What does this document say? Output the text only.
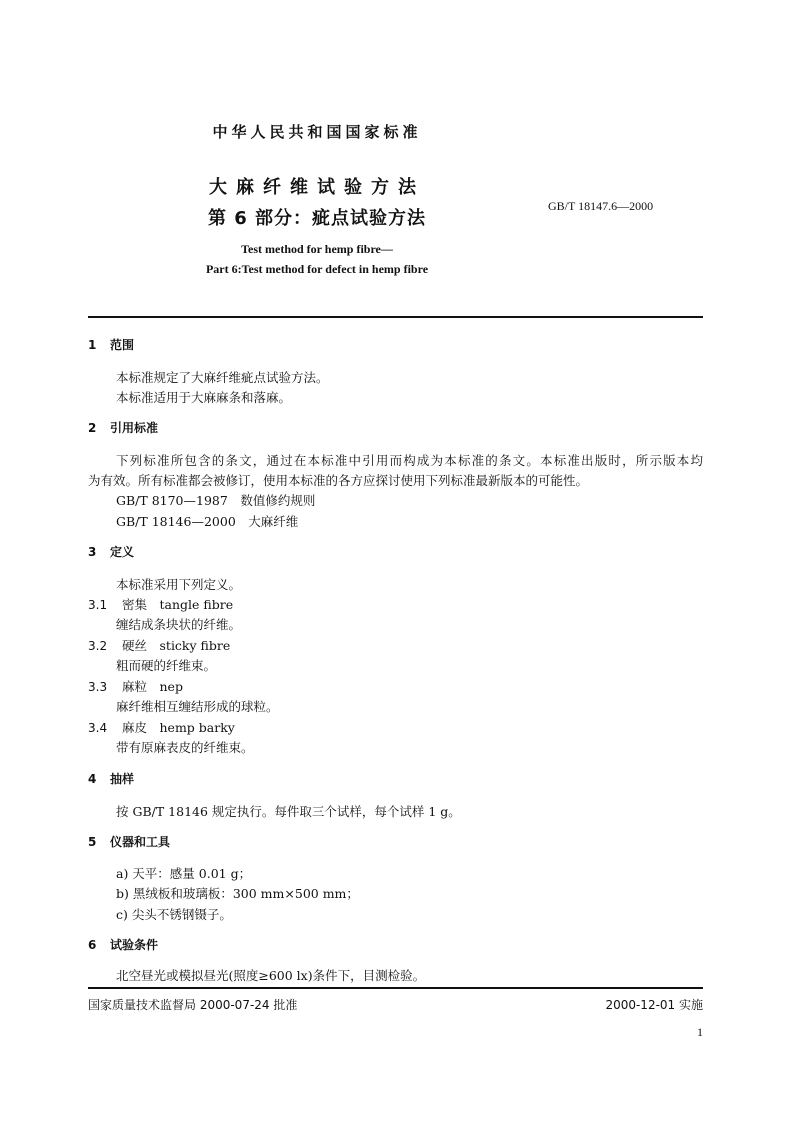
中华人民共和国国家标准
大麻纤维试验方法
第 6 部分：疵点试验方法
GB/T 18147.6—2000
Test method for hemp fibre—
Part 6:Test method for defect in hemp fibre
1 范围
本标准规定了大麻纤维疵点试验方法。
本标准适用于大麻麻条和落麻。
2 引用标准
下列标准所包含的条文，通过在本标准中引用而构成为本标准的条文。本标准出版时，所示版本均
为有效。所有标准都会被修订，使用本标准的各方应探讨使用下列标准最新版本的可能性。
GB/T 8170—1987　数值修约规则
GB/T 18146—2000　大麻纤维
3 定义
本标准采用下列定义。
3.1 密集　tangle fibre
缠结成条块状的纤维。
3.2 硬丝　sticky fibre
粗而硬的纤维束。
3.3 麻粒　nep
麻纤维相互缠结形成的球粒。
3.4 麻皮　hemp barky
带有原麻表皮的纤维束。
4 抽样
按 GB/T 18146 规定执行。每件取三个试样，每个试样 1 g。
5 仪器和工具
a) 天平：感量 0.01 g；
b) 黑绒板和玻璃板：300 mm×500 mm；
c) 尖头不锈钢镊子。
6 试验条件
北空昼光或模拟昼光(照度≥600 lx)条件下，目测检验。
国家质量技术监督局 2000-07-24 批准	2000-12-01 实施
1
